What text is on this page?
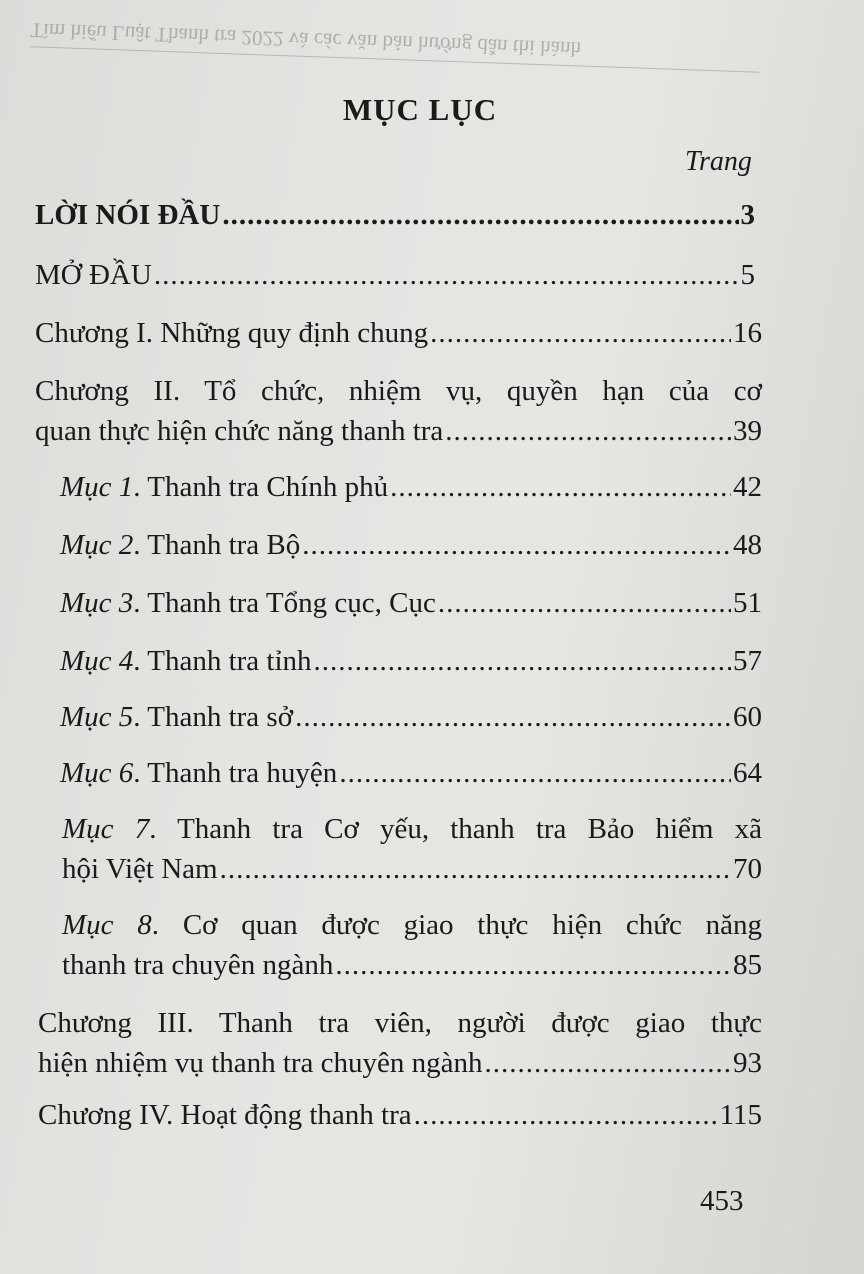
Tìm hiểu Luật Thanh tra 2022 và các văn bản hướng dẫn thi hành
MỤC LỤC
Trang
LỜI NÓI ĐẦU .....	3
MỞ ĐẦU .....	5
Chương I. Những quy định chung .....	16
Chương II. Tổ chức, nhiệm vụ, quyền hạn của cơ
quan thực hiện chức năng thanh tra .....	39
Mục 1. Thanh tra Chính phủ .....	42
Mục 2. Thanh tra Bộ .....	48
Mục 3. Thanh tra Tổng cục, Cục .....	51
Mục 4. Thanh tra tỉnh .....	57
Mục 5. Thanh tra sở .....	60
Mục 6. Thanh tra huyện .....	64
Mục 7. Thanh tra Cơ yếu, thanh tra Bảo hiểm xã
hội Việt Nam .....	70
Mục 8. Cơ quan được giao thực hiện chức năng
thanh tra chuyên ngành .....	85
Chương III. Thanh tra viên, người được giao thực
hiện nhiệm vụ thanh tra chuyên ngành .....	93
Chương IV. Hoạt động thanh tra .....	115
453
